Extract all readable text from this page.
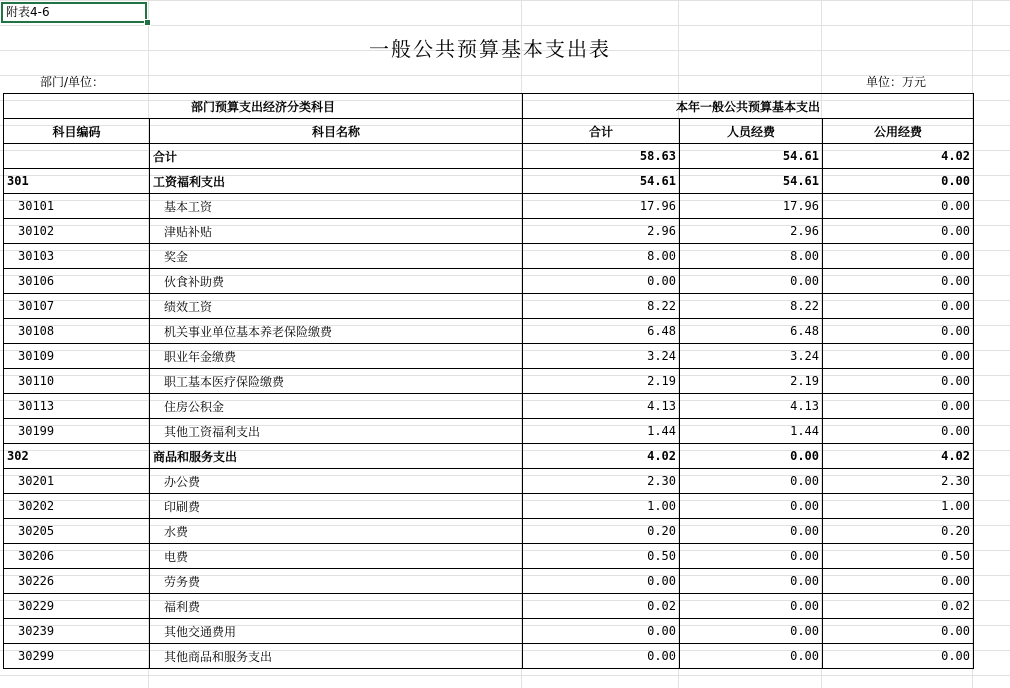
附表4-6
一般公共预算基本支出表
部门/单位：	单位：万元
部门预算支出经济分类科目		本年一般公共预算基本支出		
科目编码	科目名称	合计	人员经费	公用经费
	合计	58.63	54.61	4.02
301	工资福利支出	54.61	54.61	0.00
30101	基本工资	17.96	17.96	0.00
30102	津贴补贴	2.96	2.96	0.00
30103	奖金	8.00	8.00	0.00
30106	伙食补助费	0.00	0.00	0.00
30107	绩效工资	8.22	8.22	0.00
30108	机关事业单位基本养老保险缴费	6.48	6.48	0.00
30109	职业年金缴费	3.24	3.24	0.00
30110	职工基本医疗保险缴费	2.19	2.19	0.00
30113	住房公积金	4.13	4.13	0.00
30199	其他工资福利支出	1.44	1.44	0.00
302	商品和服务支出	4.02	0.00	4.02
30201	办公费	2.30	0.00	2.30
30202	印刷费	1.00	0.00	1.00
30205	水费	0.20	0.00	0.20
30206	电费	0.50	0.00	0.50
30226	劳务费	0.00	0.00	0.00
30229	福利费	0.02	0.00	0.02
30239	其他交通费用	0.00	0.00	0.00
30299	其他商品和服务支出	0.00	0.00	0.00
